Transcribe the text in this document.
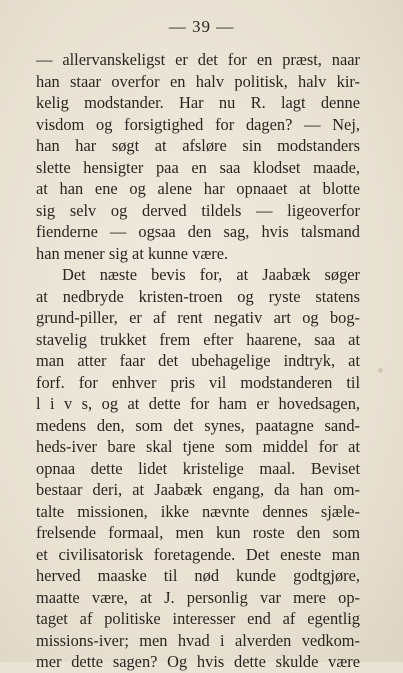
— 39 —
— allervanskeligst er det for en præst, naar
han staar overfor en halv politisk, halv kir-
kelig modstander. Har nu R. lagt denne
visdom og forsigtighed for dagen? — Nej,
han har søgt at afsløre sin modstanders
slette hensigter paa en saa klodset maade,
at han ene og alene har opnaaet at blotte
sig selv og derved tildels — ligeoverfor
fienderne — ogsaa den sag, hvis talsmand
han mener sig at kunne være.
Det næste bevis for, at Jaabæk søger
at nedbryde kristen-troen og ryste statens
grund-piller, er af rent negativ art og bog-
stavelig trukket frem efter haarene, saa at
man atter faar det ubehagelige indtryk, at
forf. for enhver pris vil modstanderen til
l i v s, og at dette for ham er hovedsagen,
medens den, som det synes, paatagne sand-
heds-iver bare skal tjene som middel for at
opnaa dette lidet kristelige maal. Beviset
bestaar deri, at Jaabæk engang, da han om-
talte missionen, ikke nævnte dennes sjæle-
frelsende formaal, men kun roste den som
et civilisatorisk foretagende. Det eneste man
herved maaske til nød kunde godtgjøre,
maatte være, at J. personlig var mere op-
taget af politiske interesser end af egentlig
missions-iver; men hvad i alverden vedkom-
mer dette sagen? Og hvis dette skulde være
